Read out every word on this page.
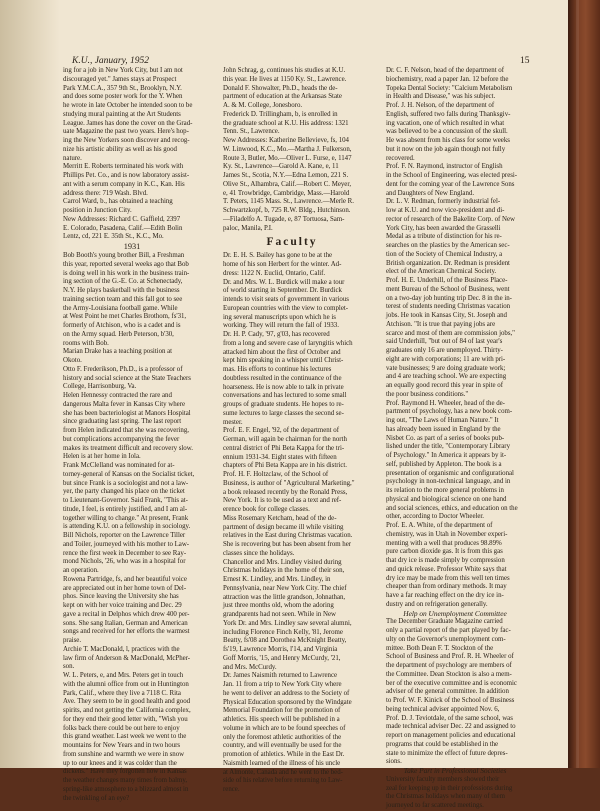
K.U., January, 1952	15
ing for a job in New York City, but I am not
discouraged yet." James stays at Prospect
Park Y.M.C.A., 357 9th St., Brooklyn, N.Y.
and does some poster work for the Y. When
he wrote in late October he intended soon to be
studying mural painting at the Art Students
League. James has done the cover on the Grad-
uate Magazine the past two years. Here's hop-
ing the New Yorkers soon discover and recog-
nize his artistic ability as well as his good
nature.
Merritt E. Roberts terminated his work with
Phillips Pet. Co., and is now laboratory assist-
ant with a serum company in K.C., Kan. His
address there: 719 Wash. Blvd.
Carrol Ward, b., has obtained a teaching
position in Junction City.
New Addresses: Richard C. Gaffield, 2397
E. Colorado, Pasadena, Calif.—Edith Bolin
Lentz, cd, 221 E. 35th St., K.C., Mo.
1931
Bob Booth's young brother Bill, a Freshman
this year, reported several weeks ago that Bob
is doing well in his work in the business train-
ing section of the G.-E. Co. at Schenectady,
N.Y. He plays basketball with the business
training section team and this fall got to see
the Army-Louisiana football game. While
at West Point he met Charles Brothom, fs'31,
formerly of Atchison, who is a cadet and is
on the Army squad. Herb Peterson, b'30,
rooms with Bob.
Marian Drake has a teaching position at
Okoto.
Otto F. Frederikson, Ph.D., is a professor of
history and social science at the State Teachers
College, Harrisonburg, Va.
Helen Hennessy contracted the rare and
dangerous Malta fever in Kansas City where
she has been bacteriologist at Manors Hospital
since graduating last spring. The last report
from Helen indicated that she was recovering,
but complications accompanying the fever
makes its treatment difficult and recovery slow.
Helen is at her home in Iola.
Frank McClelland was nominated for at-
torney-general of Kansas on the Socialist ticket,
but since Frank is a sociologist and not a law-
yer, the party changed his place on the ticket
to Lieutenant-Governor. Said Frank, "This at-
titude, I feel, is entirely justified, and I am al-
together willing to change." At present, Frank
is attending K.U. on a fellowship in sociology.
Bill Nichols, reporter on the Lawrence Tiller
and Toiler, journeyed with his mother to Law-
rence the first week in December to see Ray-
mond Nichols, '26, who was in a hospital for
an operation.
Rowena Partridge, fs, and her beautiful voice
are appreciated out in her home town of Del-
phos. Since leaving the University she has
kept on with her voice training and Dec. 29
gave a recital in Delphos which drew 400 per-
sons. She sang Italian, German and American
songs and received for her efforts the warmest
praise.
Archie T. MacDonald, l, practices with the
law firm of Anderson & MacDonald, McPher-
son.
W. L. Peters, e, and Mrs. Peters get in touch
with the alumni office from out in Huntington
Park, Calif., where they live a 7118 C. Rita
Ave. They seem to be in good health and good
spirits, and not getting the California complex,
for they end their good letter with, "Wish you
folks back there could be out here to enjoy
this grand weather. Last week we went to the
mountains for New Years and in two hours
from sunshine and warmth we were in snow
up to our knees and it was colder than the
dickens." Have they forgotten how in Kansas
the weather changes many times from balmy,
spring-like atmosphere to a blizzard almost in
the twinkling of an eye?
John Schrag, g, continues his studies at K.U.
this year. He lives at 1150 Ky. St., Lawrence.
Donald F. Showalter, Ph.D., heads the de-
partment of education at the Arkansas State
A. & M. College, Jonesboro.
Frederick D. Trillingham, b, is enrolled in
the graduate school at K.U. His address: 1321
Tenn. St., Lawrence.
New Addresses: Katherine Bellevieve, fs, 104
W. Linwood, K.C., Mo.—Martha J. Fulkerson,
Route 3, Butler, Mo.—Oliver L. Furse, e, 1147
Ky. St., Lawrence—Garold A. Kane, e, 11
James St., Scotia, N.Y.—Edna Lemon, 221 S.
Olive St., Alhambra, Calif.—Robert C. Meyer,
e, 41 Trowbridge, Cambridge, Mass.—Harold
T. Peters, 1145 Mass. St., Lawrence.—Merle R.
Schwartzkopf, b, 725 R.W. Bldg., Hutchinson.
—Filadelfo A. Tugade, e, 87 Tortuosa, Sam-
paloc, Manila, P.I.
Faculty
Dr. E. H. S. Bailey has gone to be at the
home of his son Herbert for the winter. Ad-
dress: 1122 N. Euclid, Ontario, Calif.
Dr. and Mrs. W. L. Burdick will make a tour
of world starting in September. Dr. Burdick
intends to visit seats of government in various
European countries with the view to complet-
ing several manuscripts upon which he is
working. They will return the fall of 1933.
Dr. H. P. Cady, '97, g'03, has recovered
from a long and severe case of laryngitis which
attacked him about the first of October and
kept him speaking in a whisper until Christ-
mas. His efforts to continue his lectures
doubtless resulted in the continuance of the
hoarseness. He is now able to talk in private
conversations and has lectured to some small
groups of graduate students. He hopes to re-
sume lectures to large classes the second se-
mester.
Prof. E. F. Engel, '92, of the department of
German, will again be chairman for the north
central district of Phi Beta Kappa for the tri-
ennium 1931-34. Eight states with fifteen
chapters of Phi Beta Kappa are in his district.
Prof. H. F. Holtzclaw, of the School of
Business, is author of "Agricultural Marketing,"
a book released recently by the Ronald Press,
New York. It is to be used as a text and ref-
erence book for college classes.
Miss Rosemary Ketcham, head of the de-
partment of design became ill while visiting
relatives in the East during Christmas vacation.
She is recovering but has been absent from her
classes since the holidays.
Chancellor and Mrs. Lindley visited during
Christmas holidays in the home of their son,
Ernest K. Lindley, and Mrs. Lindley, in
Pennsylvania, near New York City. The chief
attraction was the little grandson, Johnathan,
just three months old, whom the adoring
grandparents had not seen. While in New
York Dr. and Mrs. Lindley saw several alumni,
including Florence Finch Kelly, '81, Jerome
Beatty, fs'08 and Dorothea McKnight Beatty,
fs'19, Lawrence Morris, l'14, and Virginia
Goff Morris, '15, and Henry McCurdy, '21,
and Mrs. McCurdy.
Dr. James Naismith returned to Lawrence
Jan. 11 from a trip to New York City where
he went to deliver an address to the Society of
Physical Education sponsored by the Windgate
Memorial Foundation for the promotion of
athletics. His speech will be published in a
volume in which are to be found speeches of
only the foremost athletic authorities of the
country, and will eventually be used for the
promotion of athletics. While in the East Dr.
Naismith learned of the illness of his uncle
at Almonte, Canada and he went to the bed-
side of his relative before returning to Law-
rence.
Dr. C. F. Nelson, head of the department of
biochemistry, read a paper Jan. 12 before the
Topeka Dental Society: "Calcium Metabolism
in Health and Disease," was his subject.
Prof. J. H. Nelson, of the department of
English, suffered two falls during Thanksgiv-
ing vacation, one of which resulted in what
was believed to be a concussion of the skull.
He was absent from his class for some weeks
but it now on the job again though not fully
recovered.
Prof. F. N. Raymond, instructor of English
in the School of Engineering, was elected presi-
dent for the coming year of the Lawrence Sons
and Daughters of New England.
Dr. L. V. Redman, formerly industrial fel-
low at K.U. and now vice-president and di-
rector of research of the Bakelite Corp. of New
York City, has been awarded the Grasselli
Medal as a tribute of distinction for his re-
searches on the plastics by the American sec-
tion of the Society of Chemical Industry, a
British organization. Dr. Redman is president
elect of the American Chemical Society.
Prof. H. E. Underhill, of the Business Place-
ment Bureau of the School of Business, went
on a two-day job hunting trip Dec. 8 in the in-
terest of students needing Christmas vacation
jobs. He took in Kansas City, St. Joseph and
Atchison. "It is true that paying jobs are
scarce and most of them are commission jobs,"
said Underhill, "but out of 84 of last year's
graduates only 16 are unemployed. Thirty-
eight are with corporations; 11 are with pri-
vate businesses; 9 are doing graduate work;
and 4 are teaching school. We are expecting
an equally good record this year in spite of
the poor business conditions."
Prof. Raymond H. Wheeler, head of the de-
partment of psychology, has a new book com-
ing out, "The Laws of Human Nature." It
has already been issued in England by the
Nisbet Co. as part of a series of books pub-
lished under the title, "Contemporary Library
of Psychology." In America it appears by it-
self, published by Appleton. The book is a
presentation of organismic and configurational
psychology in non-technical language, and in
its relation to the more general problems in
physical and biological science on one hand
and social sciences, ethics, and education on the
other, according to Doctor Wheeler.
Prof. E. A. White, of the department of
chemistry, was in Utah in November experi-
menting with a well that produces 98.89%
pure carbon dioxide gas. It is from this gas
that dry ice is made simply by compression
and quick release. Professor White says that
dry ice may be made from this well ten times
cheaper than from ordinary methods. It may
have a far reaching effect on the dry ice in-
dustry and on refrigeration generally.
Help on Unemployment Committee
The December Graduate Magazine carried
only a partial report of the part played by fac-
ulty on the Governor's unemployment com-
mittee. Both Dean F. T. Stockton of the
School of Business and Prof. R. H. Wheeler of
the department of psychology are members of
the Committee. Dean Stockton is also a mem-
ber of the executive committee and is economic
adviser of the general committee. In addition
to Prof. W. F. Kinick of the School of Business
being technical adviser appointed Nov. 6,
Prof. D. J. Teviotdale, of the same school, was
made technical adviser Dec. 22 and assigned to
report on management policies and educational
programs that could be established in the
state to minimize the effect of future depres-
sions.
Take Part in Professional Societies
University faculty members showed their
zeal for keeping up in their professions during
the Christmas holidays when many of them
journeyed to far scattered meetings.
